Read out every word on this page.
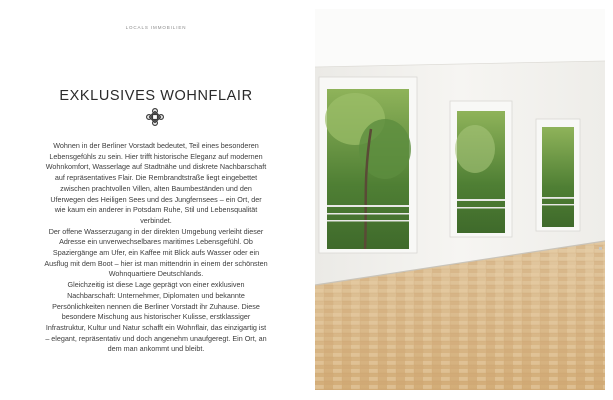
LOCALS IMMOBILIEN
EXKLUSIVES WOHNFLAIR

Wohnen in der Berliner Vorstadt bedeutet, Teil eines besonderen Lebensgefühls zu sein. Hier trifft historische Eleganz auf modernen Wohnkomfort, Wasserlage auf Stadtnähe und diskrete Nachbarschaft auf repräsentatives Flair. Die Rembrandtstraße liegt eingebettet zwischen prachtvollen Villen, alten Baumbeständen und den Uferwegen des Heiligen Sees und des Jungfernsees – ein Ort, der wie kaum ein anderer in Potsdam Ruhe, Stil und Lebensqualität verbindet.

Der offene Wasserzugang in der direkten Umgebung verleiht dieser Adresse ein unverwechselbares maritimes Lebensgefühl. Ob Spaziergänge am Ufer, ein Kaffee mit Blick aufs Wasser oder ein Ausflug mit dem Boot – hier ist man mittendrin in einem der schönsten Wohnquartiere Deutschlands.

Gleichzeitig ist diese Lage geprägt von einer exklusiven Nachbarschaft: Unternehmer, Diplomaten und bekannte Persönlichkeiten nennen die Berliner Vorstadt ihr Zuhause. Diese besondere Mischung aus historischer Kulisse, erstklassiger Infrastruktur, Kultur und Natur schafft ein Wohnflair, das einzigartig ist – elegant, repräsentativ und doch angenehm unaufgeregt. Ein Ort, an dem man ankommt und bleibt.
